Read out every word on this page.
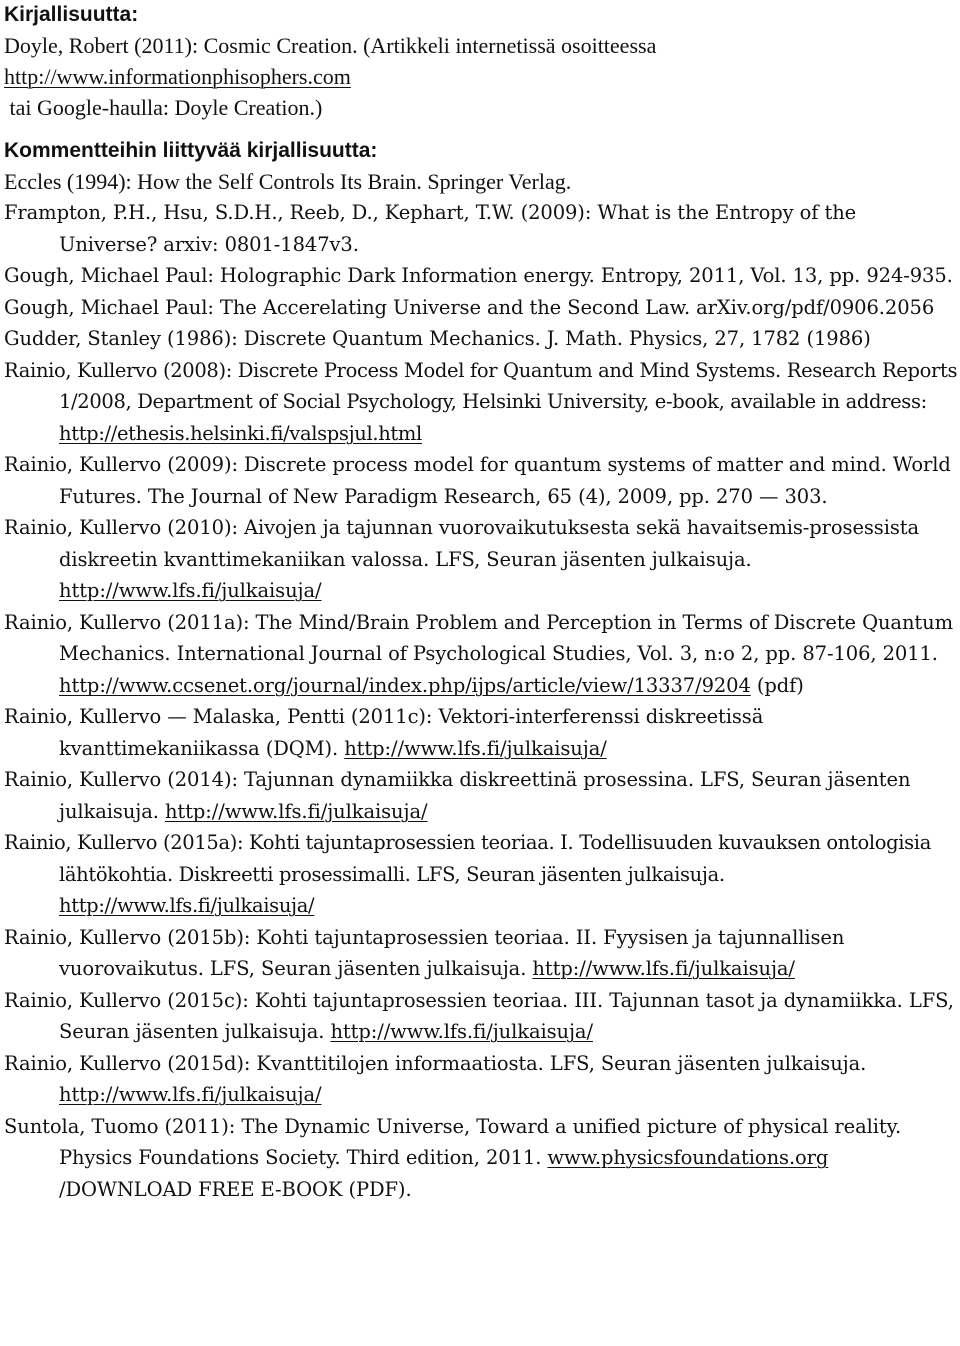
Kirjallisuutta:
Doyle, Robert (2011): Cosmic Creation. (Artikkeli internetissä osoitteessa
http://www.informationphisophers.com
tai Google-haulla: Doyle Creation.)
Kommentteihin liittyvää kirjallisuutta:
Eccles (1994): How the Self Controls Its Brain. Springer Verlag.
Frampton, P.H., Hsu, S.D.H., Reeb, D., Kephart, T.W. (2009): What is the Entropy of the Universe? arxiv: 0801-1847v3.
Gough, Michael Paul: Holographic Dark Information energy. Entropy, 2011, Vol. 13, pp. 924-935.
Gough, Michael Paul: The Accerelating Universe and the Second Law. arXiv.org/pdf/0906.2056
Gudder, Stanley (1986): Discrete Quantum Mechanics. J. Math. Physics, 27, 1782 (1986)
Rainio, Kullervo (2008): Discrete Process Model for Quantum and Mind Systems. Research Reports 1/2008, Department of Social Psychology, Helsinki University, e-book, available in address: http://ethesis.helsinki.fi/valspsjul.html
Rainio, Kullervo (2009): Discrete process model for quantum systems of matter and mind. World Futures. The Journal of New Paradigm Research, 65 (4), 2009, pp. 270 — 303.
Rainio, Kullervo (2010): Aivojen ja tajunnan vuorovaikutuksesta sekä havaitsemis-prosessista diskreetin kvanttimekaniikan valossa. LFS, Seuran jäsenten julkaisuja. http://www.lfs.fi/julkaisuja/
Rainio, Kullervo (2011a): The Mind/Brain Problem and Perception in Terms of Discrete Quantum Mechanics. International Journal of Psychological Studies, Vol. 3, n:o 2, pp. 87-106, 2011. http://www.ccsenet.org/journal/index.php/ijps/article/view/13337/9204 (pdf)
Rainio, Kullervo — Malaska, Pentti (2011c): Vektori-interferenssi diskreetissä kvanttimekaniikassa (DQM). http://www.lfs.fi/julkaisuja/
Rainio, Kullervo (2014): Tajunnan dynamiikka diskreettinä prosessina. LFS, Seuran jäsenten julkaisuja. http://www.lfs.fi/julkaisuja/
Rainio, Kullervo (2015a): Kohti tajuntaprosessien teoriaa. I. Todellisuuden kuvauksen ontologisia lähtökohtia. Diskreetti prosessimalli. LFS, Seuran jäsenten julkaisuja. http://www.lfs.fi/julkaisuja/
Rainio, Kullervo (2015b): Kohti tajuntaprosessien teoriaa. II. Fyysisen ja tajunnallisen vuorovaikutus. LFS, Seuran jäsenten julkaisuja. http://www.lfs.fi/julkaisuja/
Rainio, Kullervo (2015c): Kohti tajuntaprosessien teoriaa. III. Tajunnan tasot ja dynamiikka. LFS, Seuran jäsenten julkaisuja. http://www.lfs.fi/julkaisuja/
Rainio, Kullervo (2015d): Kvanttitilojen informaatiosta. LFS, Seuran jäsenten julkaisuja. http://www.lfs.fi/julkaisuja/
Suntola, Tuomo (2011): The Dynamic Universe, Toward a unified picture of physical reality. Physics Foundations Society. Third edition, 2011. www.physicsfoundations.org /DOWNLOAD FREE E-BOOK (PDF).
